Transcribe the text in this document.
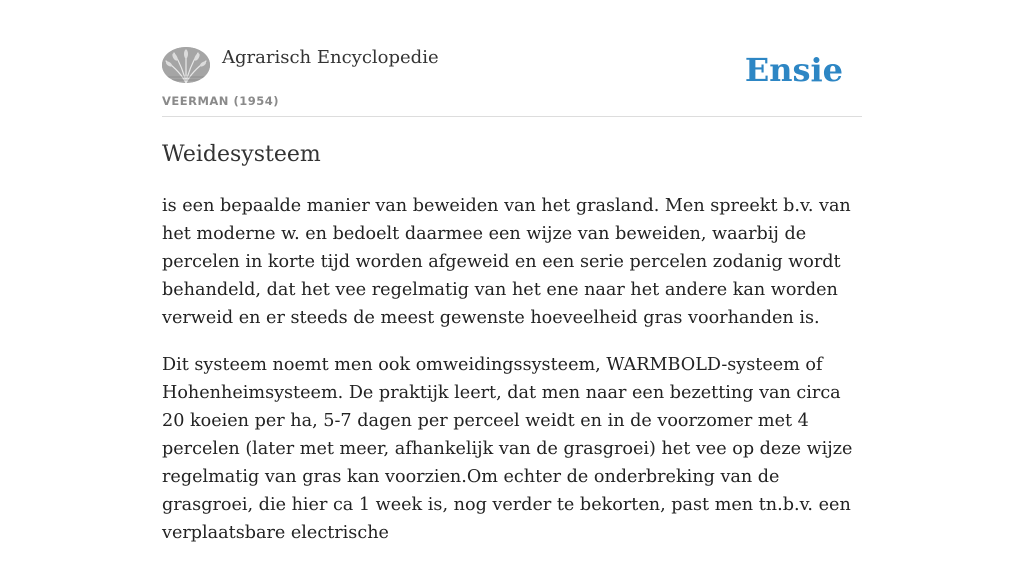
Agrarisch Encyclopedie	Ensie
VEERMAN (1954)
Weidesysteem

is een bepaalde manier van beweiden van het grasland. Men spreekt b.v. van het moderne w. en bedoelt daarmee een wijze van beweiden, waarbij de percelen in korte tijd worden afgeweid en een serie percelen zodanig wordt behandeld, dat het vee regelmatig van het ene naar het andere kan worden verweid en er steeds de meest gewenste hoeveelheid gras voorhanden is.

Dit systeem noemt men ook omweidingssysteem, WARMBOLD-systeem of Hohenheimsysteem. De praktijk leert, dat men naar een bezetting van circa 20 koeien per ha, 5-7 dagen per perceel weidt en in de voorzomer met 4 percelen (later met meer, afhankelijk van de grasgroei) het vee op deze wijze regelmatig van gras kan voorzien.Om echter de onderbreking van de grasgroei, die hier ca 1 week is, nog verder te bekorten, past men tn.b.v. een verplaatsbare electrische
